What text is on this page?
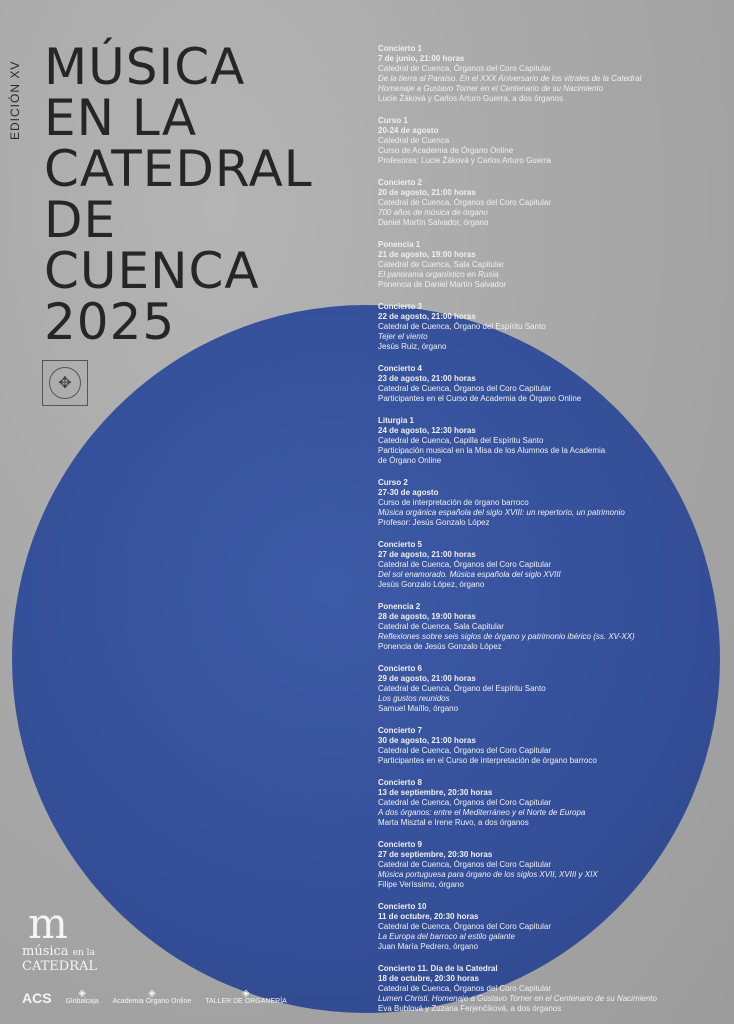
EDICIÓN XV MÚSICA
EN LA
CATEDRAL
DE
CUENCA
2025
✥
Concierto 1
7 de junio, 21:00 horas
Catedral de Cuenca, Órganos del Coro Capitular
De la tierra al Paraíso. En el XXX Aniversario de los vitrales de la Catedral
Homenaje a Gustavo Torner en el Centenario de su Nacimiento
Lucie Žáková y Carlos Arturo Guerra, a dos órganos
Curso 1
20-24 de agosto
Catedral de Cuenca
Curso de Academia de Órgano Online
Profesores: Lucie Žáková y Carlos Arturo Guerra
Concierto 2
20 de agosto, 21:00 horas
Catedral de Cuenca, Órganos del Coro Capitular
700 años de música de órgano
Daniel Martín Salvador, órgano
Ponencia 1
21 de agosto, 19:00 horas
Catedral de Cuenca, Sala Capitular
El panorama organístico en Rusia
Ponencia de Daniel Martín Salvador
Concierto 3
22 de agosto, 21:00 horas
Catedral de Cuenca, Órgano del Espíritu Santo
Tejer el viento
Jesús Ruiz, órgano
Concierto 4
23 de agosto, 21:00 horas
Catedral de Cuenca, Órganos del Coro Capitular
Participantes en el Curso de Academia de Órgano Online
Liturgia 1
24 de agosto, 12:30 horas
Catedral de Cuenca, Capilla del Espíritu Santo
Participación musical en la Misa de los Alumnos de la Academia
de Órgano Online
Curso 2
27-30 de agosto
Curso de interpretación de órgano barroco
Música orgánica española del siglo XVIII: un repertorio, un patrimonio
Profesor: Jesús Gonzalo López
Concierto 5
27 de agosto, 21:00 horas
Catedral de Cuenca, Órganos del Coro Capitular
Del sol enamorado. Música española del siglo XVIII
Jesús Gonzalo López, órgano
Ponencia 2
28 de agosto, 19:00 horas
Catedral de Cuenca, Sala Capitular
Reflexiones sobre seis siglos de órgano y patrimonio ibérico (ss. XV-XX)
Ponencia de Jesús Gonzalo López
Concierto 6
29 de agosto, 21:00 horas
Catedral de Cuenca, Órgano del Espíritu Santo
Los gustos reunidos
Samuel Maíllo, órgano
Concierto 7
30 de agosto, 21:00 horas
Catedral de Cuenca, Órganos del Coro Capitular
Participantes en el Curso de interpretación de órgano barroco
Concierto 8
13 de septiembre, 20:30 horas
Catedral de Cuenca, Órganos del Coro Capitular
A dos órganos: entre el Mediterráneo y el Norte de Europa
Marta Miształ e Irene Ruvo, a dos órganos
Concierto 9
27 de septiembre, 20:30 horas
Catedral de Cuenca, Órganos del Coro Capitular
Música portuguesa para órgano de los siglos XVII, XVIII y XIX
Filipe Veríssimo, órgano
Concierto 10
11 de octubre, 20:30 horas
Catedral de Cuenca, Órganos del Coro Capitular
La Europa del barroco al estilo galante
Juan María Pedrero, órgano
Concierto 11. Día de la Catedral
18 de octubre, 20:30 horas
Catedral de Cuenca, Órganos del Coro Capitular
Lumen Christi. Homenaje a Gustavo Torner en el Centenario de su Nacimiento
Eva Bublová y Zuzana Ferjenčíková, a dos órganos
m
música en la
CATEDRAL
ACS	◈
Globalcaja
◈
Academia Órgano Online
◈
TALLER DE ORGANERÍA
